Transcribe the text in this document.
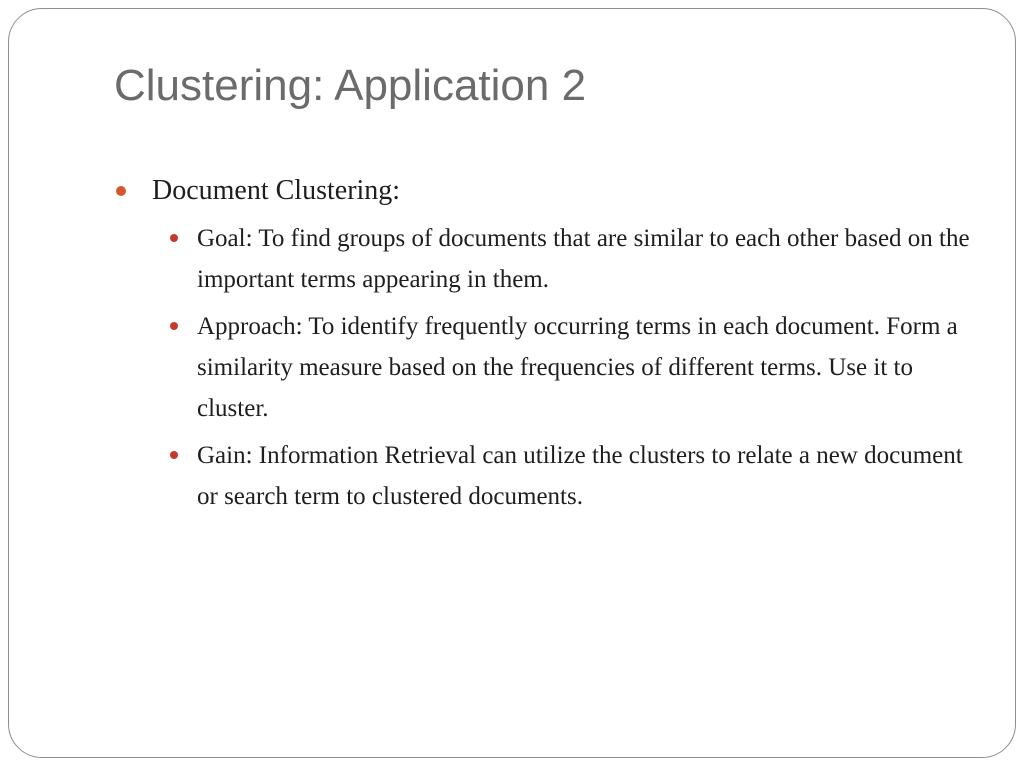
Clustering: Application 2
Document Clustering:
Goal: To find groups of documents that are similar to each other based on the important terms appearing in them.
Approach: To identify frequently occurring terms in each document. Form a similarity measure based on the frequencies of different terms. Use it to cluster.
Gain: Information Retrieval can utilize the clusters to relate a new document or search term to clustered documents.
